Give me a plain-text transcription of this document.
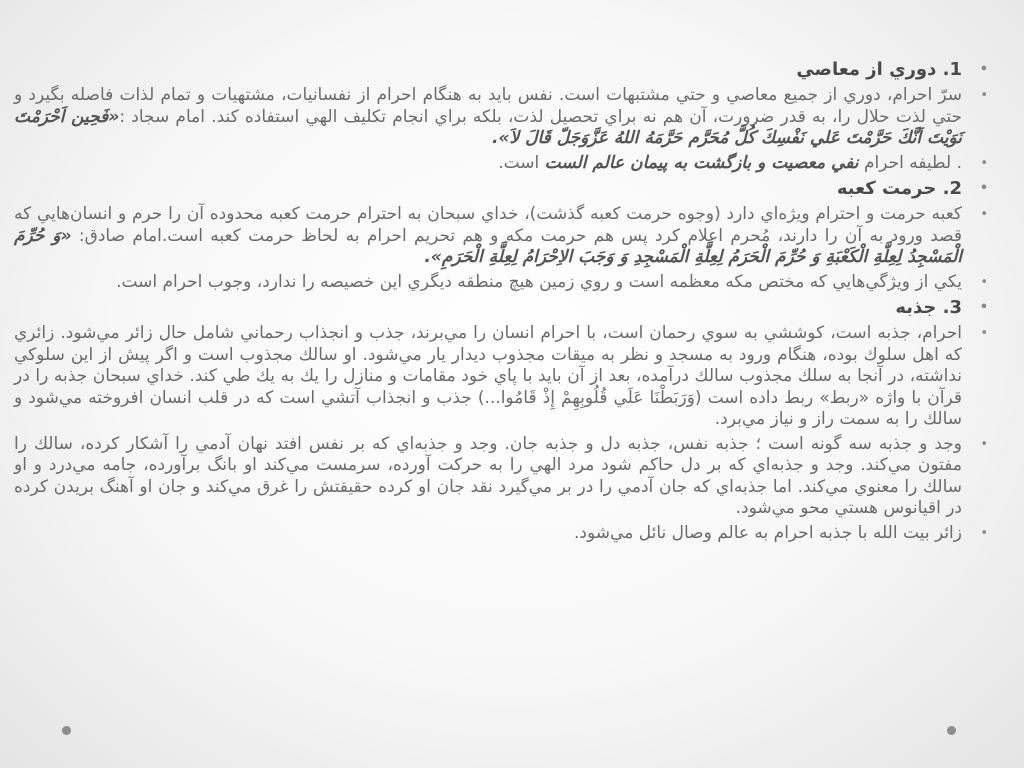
• 1. دوري از معاصي
• سرّ احرام، دوري از جميع معاصي و حتي مشتبهات است. نفس بايد به هنگام احرام از نفسانيات، مشتهيات و تمام لذات فاصله بگيرد و حتي لذت حلال را، به قدر ضرورت، آن هم نه براي تحصيل لذت، بلكه براي انجام تكليف الهي استفاده كند. امام سجاد :«فَحِين اَحْرَمْتَ نَوَيْتَ اَنَّكَ حَرَّمْتَ عَلي نَفْسِكَ كُلَّ مُحَرَّم حَرَّمَهُ اللهُ عَزَّوَجَلّ قَالَ لاَ».
• . لطيفه احرام نفي معصيت و بازگشت به پيمان عالم الست است.
• 2. حرمت كعبه
• كعبه حرمت و احترام ويژه‌اي دارد (وجوه حرمت كعبه گذشت)، خداي سبحان به احترام حرمت كعبه محدوده آن را حرم و انسان‌هايي كه قصد ورود به آن را دارند، مُحرم اعلام كرد پس هم حرمت مكه و هم تحريم احرام به لحاظ حرمت كعبه است.امام صادق: «وَ حُرِّمَ الْمَسْجِدُ لِعِلَّةِ الْكَعْبَةِ وَ حُرِّمَ الْحَرَمُ لِعِلَّةِ الْمَسْجِدِ وَ وَجَبَ الاِحْرَامُ لِعِلَّةِ الْحَرَمِ».
• يكي از ويژگي‌هايي كه مختص مكه معظمه است و روي زمين هيچ منطقه ديگري اين خصيصه را ندارد، وجوب احرام است.
• 3. جذبه
• احرام، جذبه است، كوششي به سوي رحمان است، با احرام انسان را مي‌برند، جذب و انجذاب رحماني شامل حال زائر مي‌شود. زائري كه اهل سلوك بوده، هنگام ورود به مسجد و نظر به ميقات مجذوب ديدار يار مي‌شود. او سالك مجذوب است و اگر پيش از اين سلوكي نداشته، در آنجا به سلك مجذوب سالك درآمده، بعد از آن بايد با پاي خود مقامات و منازل را يك به يك طي كند. خداي سبحان جذبه را در قرآن با واژه «ربط» ربط داده است (وَرَبَطْنَا عَلَي قُلُوبِهِمْ إِذْ قَامُوا...) جذب و انجذاب آتشي است كه در قلب انسان افروخته مي‌شود و سالك را به سمت راز و نياز مي‌برد.
• وجد و جذبه سه گونه است ؛ جذبه نفس، جذبه دل و جذبه جان. وجد و جذبه‌اي كه بر نفس افتد نهان آدمي را آشكار كرده، سالك را مفتون مي‌كند. وجد و جذبه‌اي كه بر دل حاكم شود مرد الهي را به حركت آورده، سرمست مي‌كند او بانگ برآورده، جامه مي‌درد و او سالك را معنوي مي‌كند. اما جذبه‌اي كه جان آدمي را در بر مي‌گيرد نقد جان او كرده حقيقتش را غرق مي‌كند و جان او آهنگ بريدن كرده در اقيانوس هستي محو مي‌شود.
• زائر بيت الله با جذبه احرام به عالم وصال نائل مي‌شود.
